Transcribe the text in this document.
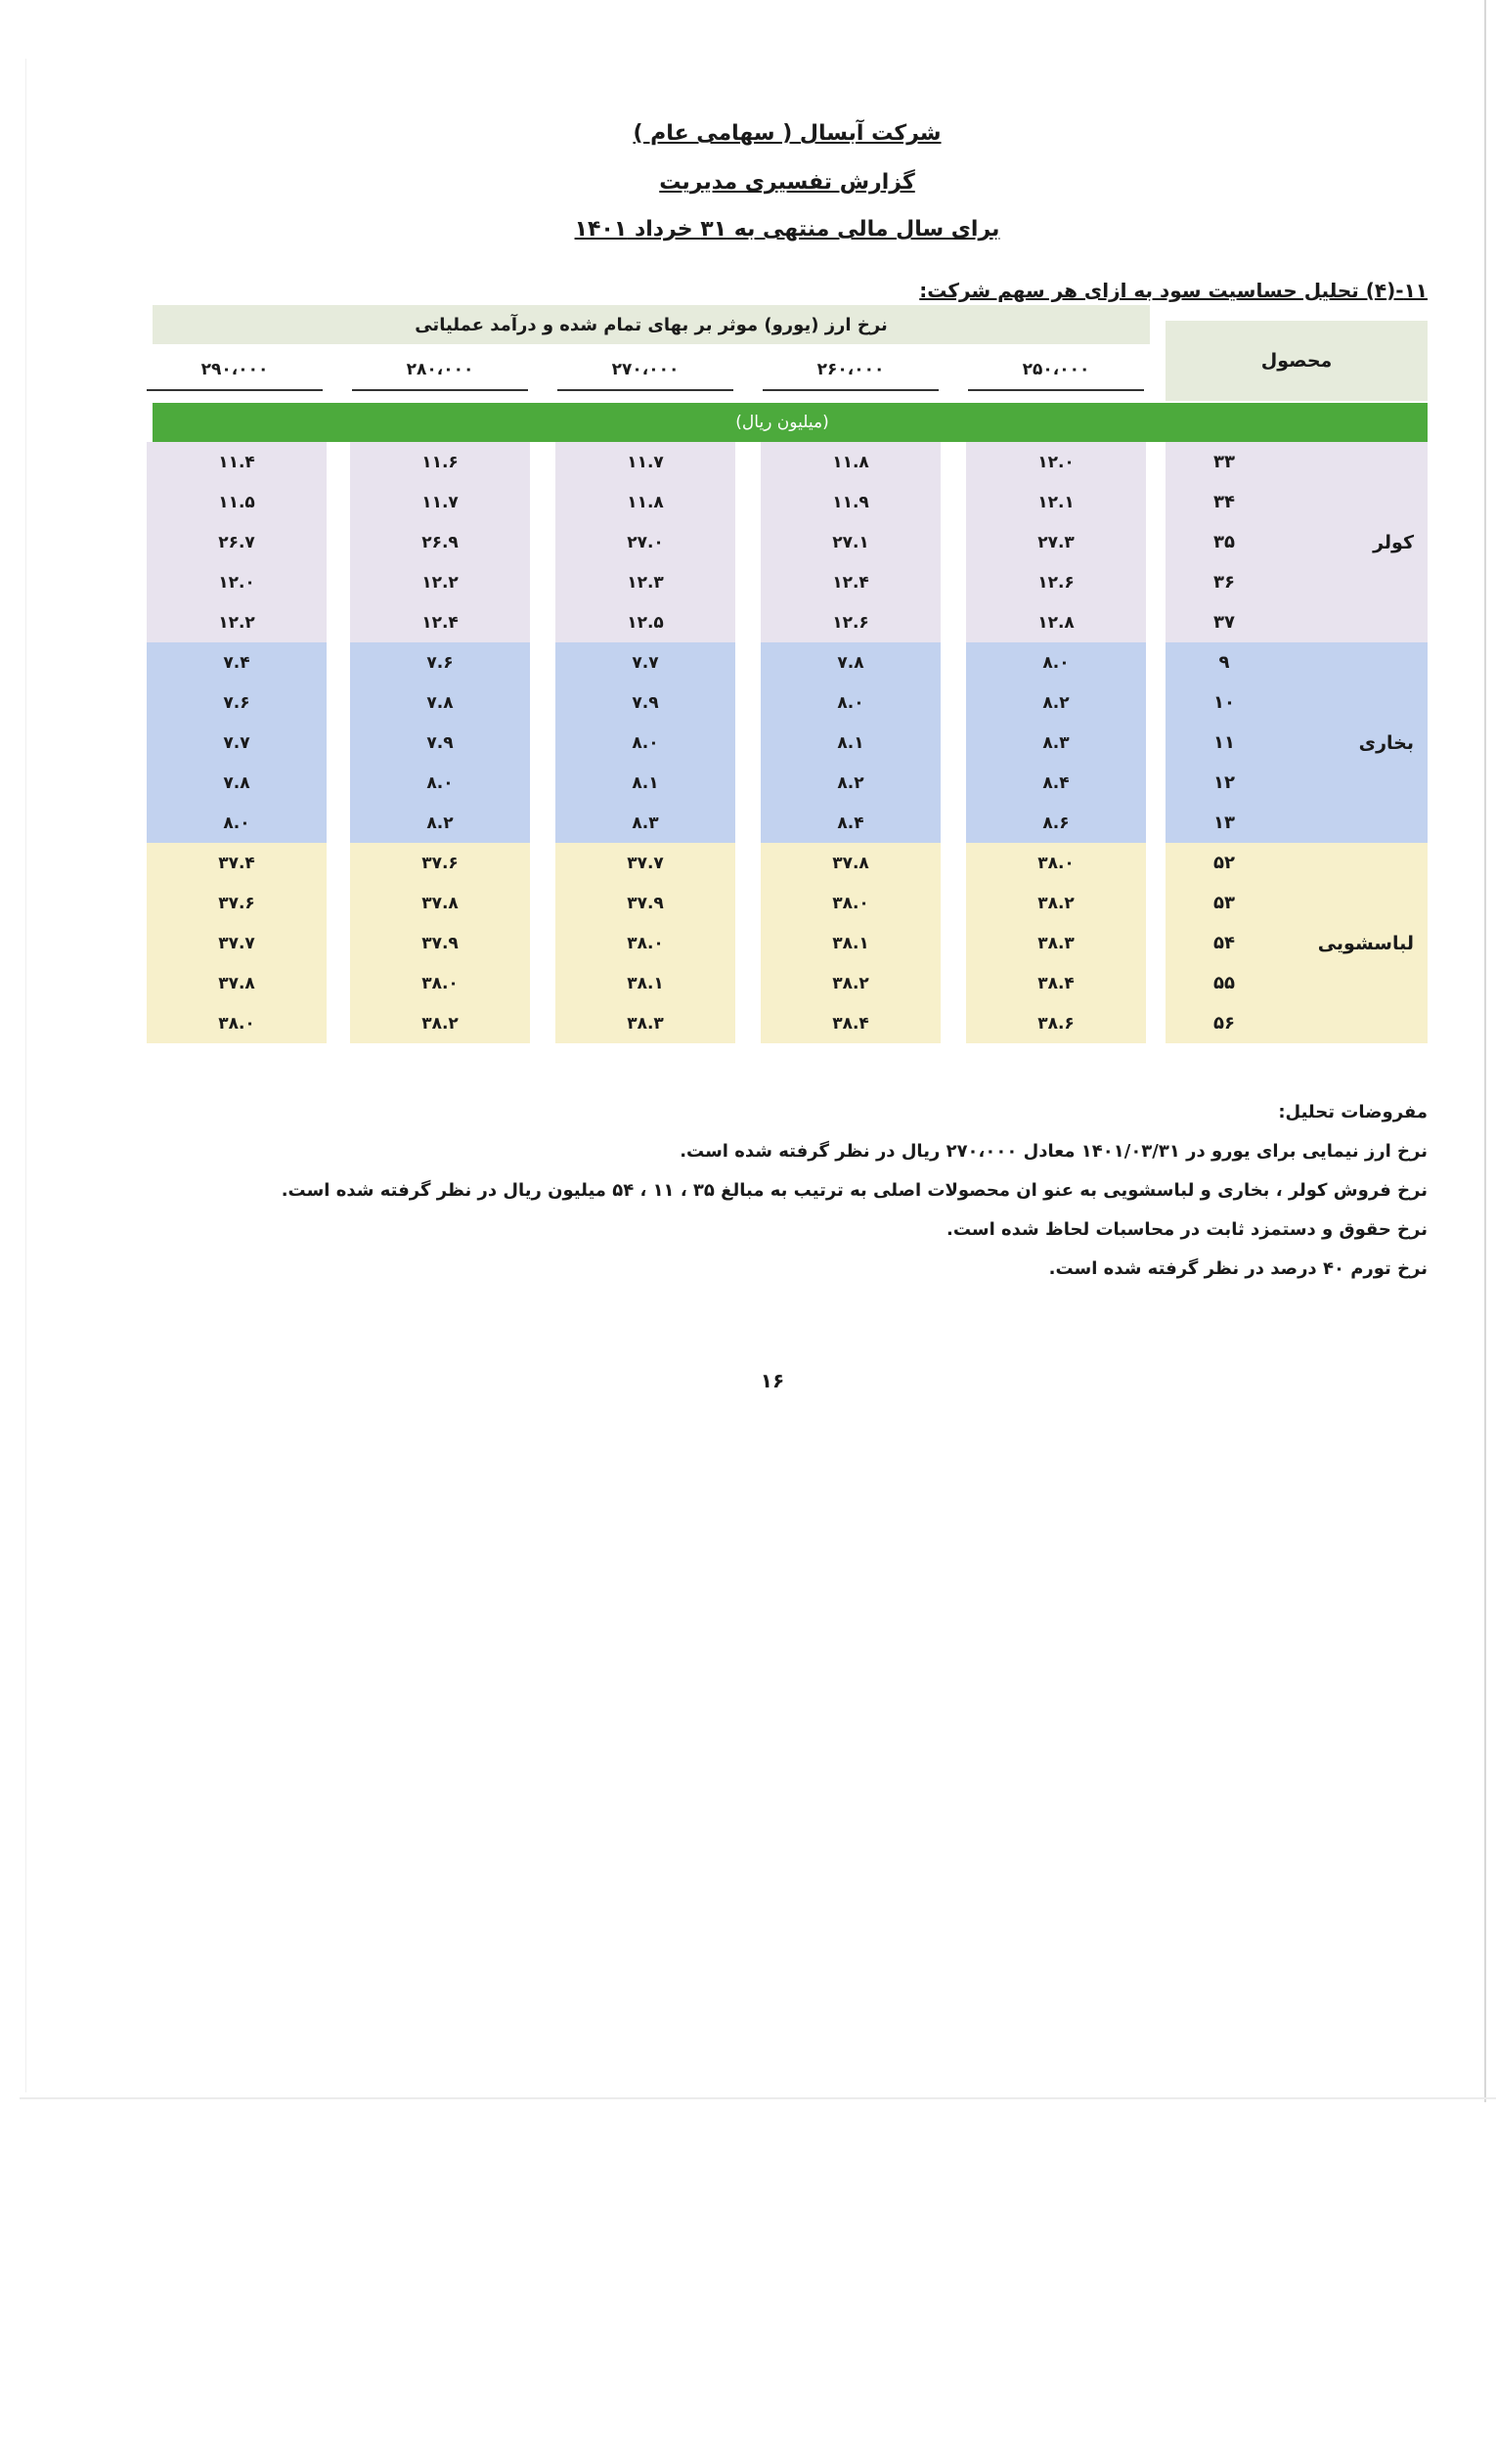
شرکت آبسال ( سهامی عام )
گزارش تفسیری مدیریت
برای سال مالی منتهی به ۳۱ خرداد ۱۴۰۱
۱۱-(۴) تحلیل حساسیت سود به ازای هر سهم شرکت:
نرخ ارز (یورو) موثر بر بهای تمام شده و درآمد عملیاتی
محصول
۲۵۰،۰۰۰
۲۶۰،۰۰۰
۲۷۰،۰۰۰
۲۸۰،۰۰۰
۲۹۰،۰۰۰
(میلیون ریال)
۱۲.۰
۱۲.۱
۲۷.۳
۱۲.۶
۱۲.۸
۸.۰
۸.۲
۸.۳
۸.۴
۸.۶
۳۸.۰
۳۸.۲
۳۸.۳
۳۸.۴
۳۸.۶
۱۱.۸
۱۱.۹
۲۷.۱
۱۲.۴
۱۲.۶
۷.۸
۸.۰
۸.۱
۸.۲
۸.۴
۳۷.۸
۳۸.۰
۳۸.۱
۳۸.۲
۳۸.۴
۱۱.۷
۱۱.۸
۲۷.۰
۱۲.۳
۱۲.۵
۷.۷
۷.۹
۸.۰
۸.۱
۸.۳
۳۷.۷
۳۷.۹
۳۸.۰
۳۸.۱
۳۸.۳
۱۱.۶
۱۱.۷
۲۶.۹
۱۲.۲
۱۲.۴
۷.۶
۷.۸
۷.۹
۸.۰
۸.۲
۳۷.۶
۳۷.۸
۳۷.۹
۳۸.۰
۳۸.۲
۱۱.۴
۱۱.۵
۲۶.۷
۱۲.۰
۱۲.۲
۷.۴
۷.۶
۷.۷
۷.۸
۸.۰
۳۷.۴
۳۷.۶
۳۷.۷
۳۷.۸
۳۸.۰
کولر
۳۳
۳۴
۳۵
۳۶
۳۷
بخاری
۹
۱۰
۱۱
۱۲
۱۳
لباسشویی
۵۲
۵۳
۵۴
۵۵
۵۶
مفروضات تحلیل:
نرخ ارز نیمایی برای یورو در ۱۴۰۱/۰۳/۳۱ معادل ۲۷۰،۰۰۰ ریال در نظر گرفته شده است.
نرخ فروش کولر ، بخاری و لباسشویی به عنو ان محصولات اصلی به ترتیب به مبالغ ۳۵ ، ۱۱ ، ۵۴ میلیون ریال در نظر گرفته شده است.
نرخ حقوق و دستمزد ثابت در محاسبات لحاظ شده است.
نرخ تورم ۴۰ درصد در نظر گرفته شده است.
۱۶
